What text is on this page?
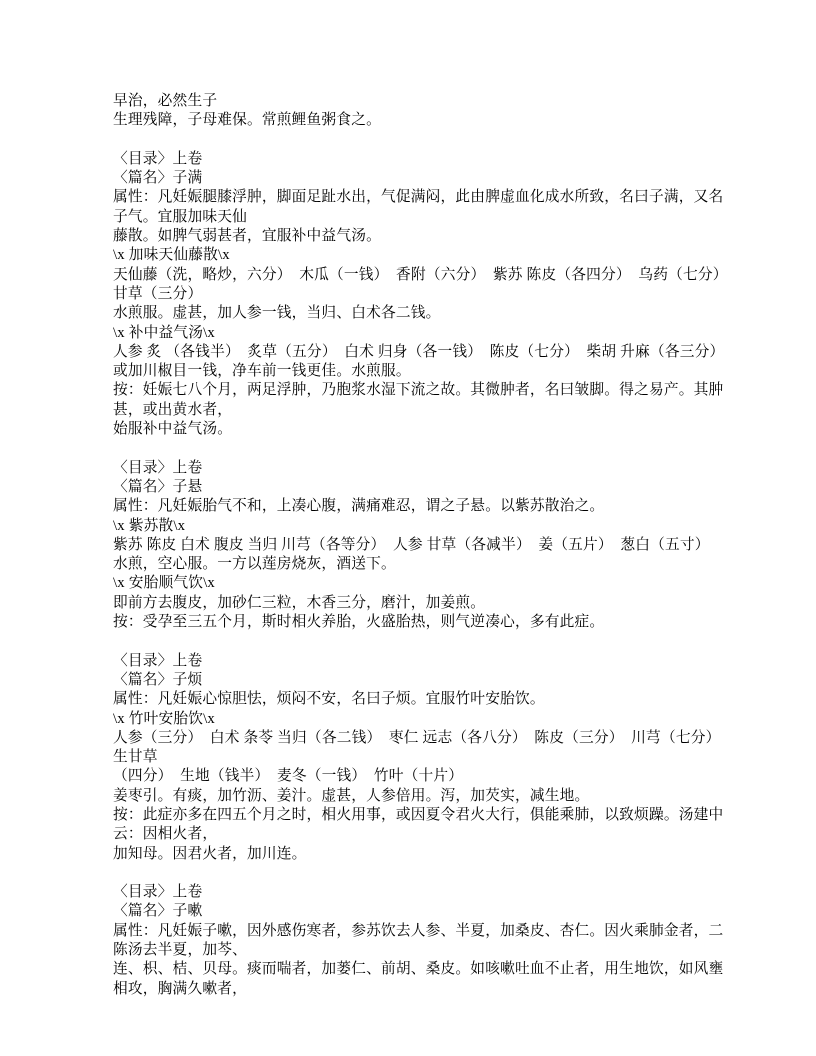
早治，必然生子
生理残障，子母难保。常煎鲤鱼粥食之。
〈目录〉上卷
〈篇名〉子满
属性：凡妊娠腿膝浮肿，脚面足趾水出，气促满闷，此由脾虚血化成水所致，名曰子满，又名
子气。宜服加味天仙
藤散。如脾气弱甚者，宜服补中益气汤。
\x 加味天仙藤散\x
天仙藤（洗，略炒，六分）　木瓜（一钱）　香附（六分）　紫苏 陈皮（各四分）　乌药（七分）
甘草（三分）
水煎服。虚甚，加人参一钱，当归、白术各二钱。
\x 补中益气汤\x
人参 炙 （各钱半）　炙草（五分）　白术 归身（各一钱）　陈皮（七分）　柴胡 升麻（各三分）
或加川椒目一钱，净车前一钱更佳。水煎服。
按：妊娠七八个月，两足浮肿，乃胞浆水湿下流之故。其微肿者，名曰皱脚。得之易产。其肿
甚，或出黄水者，
始服补中益气汤。
〈目录〉上卷
〈篇名〉子悬
属性：凡妊娠胎气不和，上凑心腹，满痛难忍，谓之子悬。以紫苏散治之。
\x 紫苏散\x
紫苏 陈皮 白术 腹皮 当归 川芎（各等分）　人参 甘草（各减半）　姜（五片）　葱白（五寸）
水煎，空心服。一方以莲房烧灰，酒送下。
\x 安胎顺气饮\x
即前方去腹皮，加砂仁三粒，木香三分，磨汁，加姜煎。
按：受孕至三五个月，斯时相火养胎，火盛胎热，则气逆凑心，多有此症。
〈目录〉上卷
〈篇名〉子烦
属性：凡妊娠心惊胆怯，烦闷不安，名曰子烦。宜服竹叶安胎饮。
\x 竹叶安胎饮\x
人参（三分）　白术 条苓 当归（各二钱）　枣仁 远志（各八分）　陈皮（三分）　川芎（七分）
生甘草
（四分）　生地（钱半）　麦冬（一钱）　竹叶（十片）
姜枣引。有痰，加竹沥、姜汁。虚甚，人参倍用。泻，加芡实，减生地。
按：此症亦多在四五个月之时，相火用事，或因夏令君火大行，俱能乘肺，以致烦躁。汤建中
云：因相火者，
加知母。因君火者，加川连。
〈目录〉上卷
〈篇名〉子嗽
属性：凡妊娠子嗽，因外感伤寒者，参苏饮去人参、半夏，加桑皮、杏仁。因火乘肺金者，二
陈汤去半夏，加芩、
连、枳、桔、贝母。痰而喘者，加蒌仁、前胡、桑皮。如咳嗽吐血不止者，用生地饮，如风壅
相攻，胸满久嗽者，
